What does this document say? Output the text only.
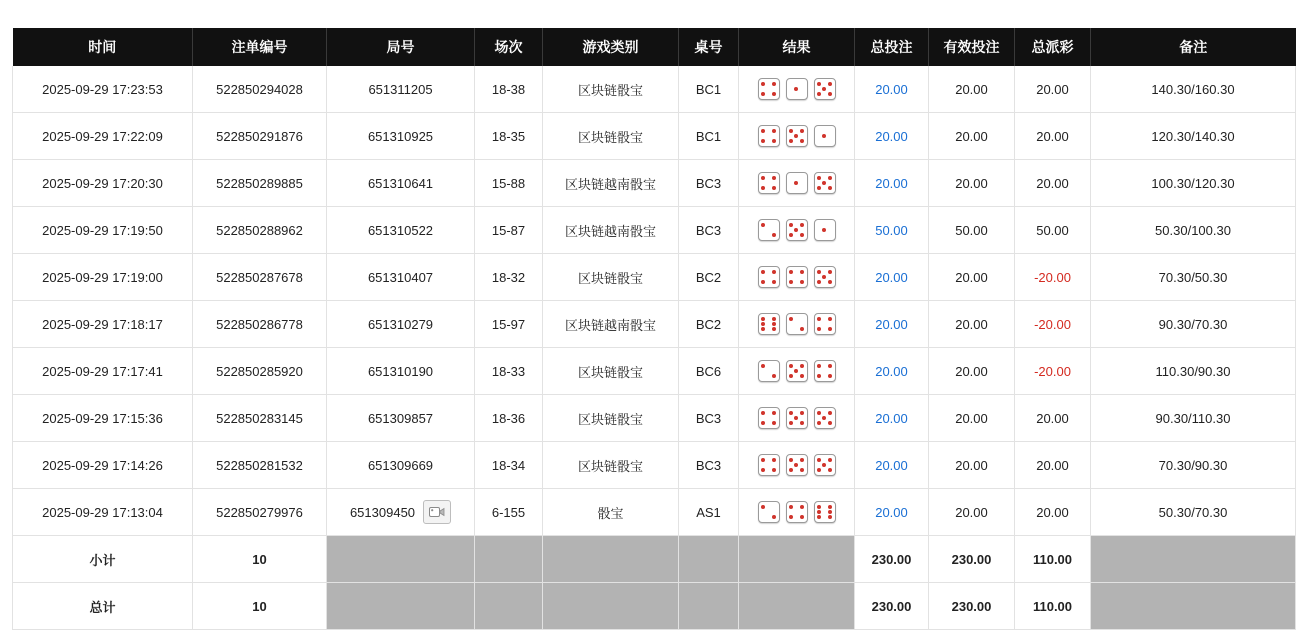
时间	注单编号	局号	场次	游戏类别	桌号	结果	总投注	有效投注	总派彩	备注
2025-09-29 17:23:53	522850294028	651311205	18-38	区块链骰宝	BC1		20.00	20.00	20.00	140.30/160.30
2025-09-29 17:22:09	522850291876	651310925	18-35	区块链骰宝	BC1		20.00	20.00	20.00	120.30/140.30
2025-09-29 17:20:30	522850289885	651310641	15-88	区块链越南骰宝	BC3		20.00	20.00	20.00	100.30/120.30
2025-09-29 17:19:50	522850288962	651310522	15-87	区块链越南骰宝	BC3		50.00	50.00	50.00	50.30/100.30
2025-09-29 17:19:00	522850287678	651310407	18-32	区块链骰宝	BC2		20.00	20.00	-20.00	70.30/50.30
2025-09-29 17:18:17	522850286778	651310279	15-97	区块链越南骰宝	BC2		20.00	20.00	-20.00	90.30/70.30
2025-09-29 17:17:41	522850285920	651310190	18-33	区块链骰宝	BC6		20.00	20.00	-20.00	110.30/90.30
2025-09-29 17:15:36	522850283145	651309857	18-36	区块链骰宝	BC3		20.00	20.00	20.00	90.30/110.30
2025-09-29 17:14:26	522850281532	651309669	18-34	区块链骰宝	BC3		20.00	20.00	20.00	70.30/90.30
2025-09-29 17:13:04	522850279976	651309450	6-155	骰宝	AS1		20.00	20.00	20.00	50.30/70.30
小计	10						230.00	230.00	110.00	
总计	10						230.00	230.00	110.00	
